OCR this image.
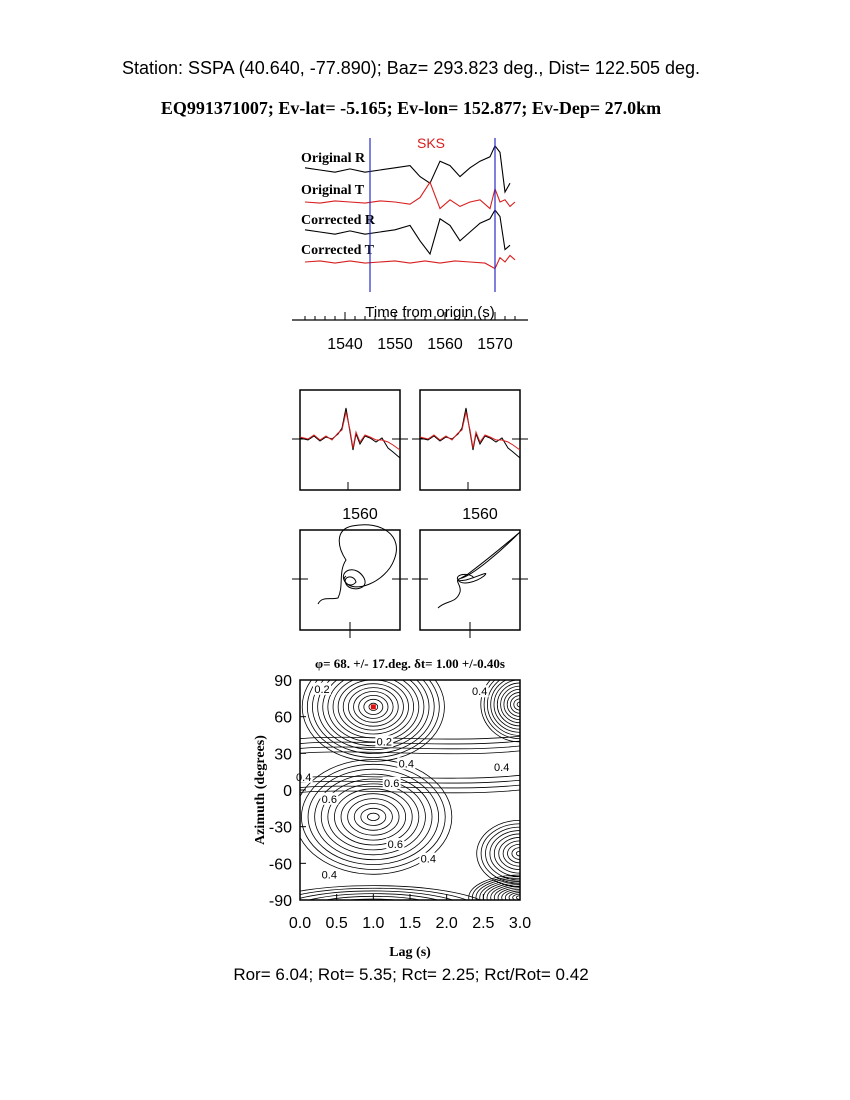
Station: SSPA (40.640, -77.890); Baz= 293.823 deg., Dist= 122.505 deg.
EQ991371007; Ev-lat= -5.165; Ev-lon= 152.877; Ev-Dep= 27.0km
Original R
Original T
Corrected R
Corrected T
SKS
1540 1550 1560 1570
Time from origin (s)
1560	1560
0.2	0.4
0.2
0.4	0.4
0.6
0.4
0.6
0.6
0.4
0.4
0.0 0.5 1.0 1.5 2.0 2.5 3.0
90
60
30
0
-30
-60
-90
φ= 68. +/- 17.deg. δt= 1.00 +/-0.40s
Lag (s)
Azimuth (degrees)
Ror= 6.04; Rot= 5.35; Rct= 2.25; Rct/Rot= 0.42
